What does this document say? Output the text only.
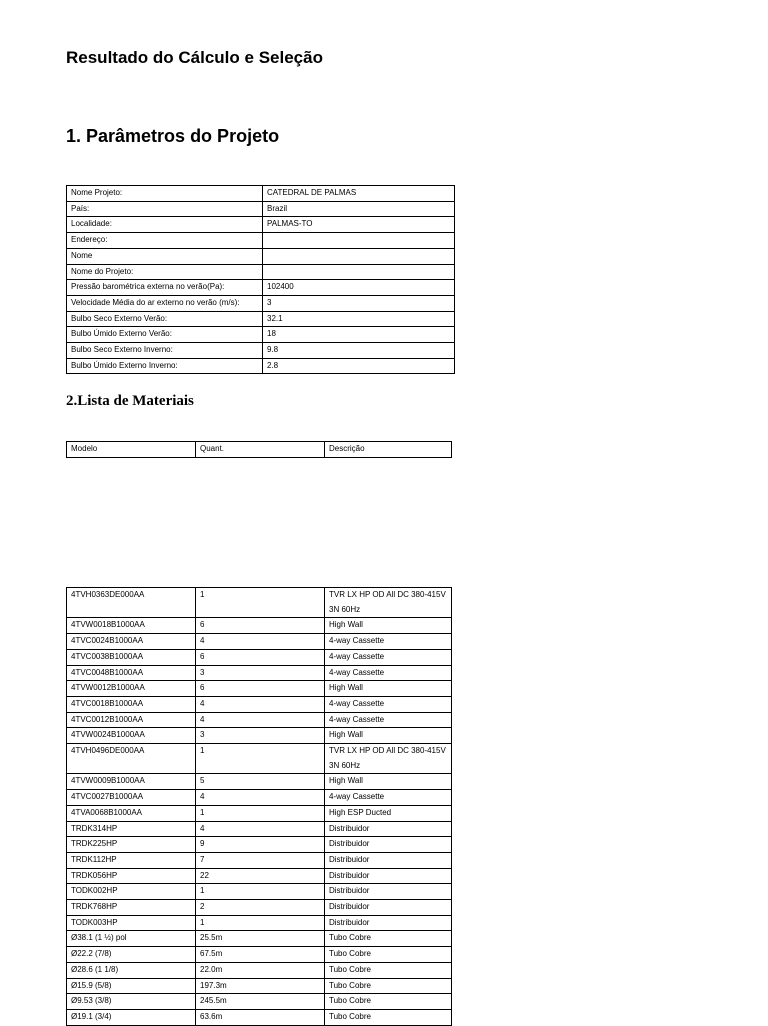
Resultado do Cálculo e Seleção
1. Parâmetros do Projeto
Nome Projeto:	CATEDRAL DE PALMAS
País:	Brazil
Localidade:	PALMAS-TO
Endereço:	
Nome	
Nome do Projeto:	
Pressão barométrica externa no verão(Pa):	102400
Velocidade Média do ar externo no verão (m/s):	3
Bulbo Seco Externo Verão:	32.1
Bulbo Úmido Externo Verão:	18
Bulbo Seco Externo Inverno:	9.8
Bulbo Úmido Externo Inverno:	2.8
2.Lista de Materiais
Modelo	Quant.	Descrição
4TVH0363DE000AA	1	TVR LX HP OD All DC 380-415V 3N 60Hz
4TVW0018B1000AA	6	High Wall
4TVC0024B1000AA	4	4-way Cassette
4TVC0038B1000AA	6	4-way Cassette
4TVC0048B1000AA	3	4-way Cassette
4TVW0012B1000AA	6	High Wall
4TVC0018B1000AA	4	4-way Cassette
4TVC0012B1000AA	4	4-way Cassette
4TVW0024B1000AA	3	High Wall
4TVH0496DE000AA	1	TVR LX HP OD All DC 380-415V 3N 60Hz
4TVW0009B1000AA	5	High Wall
4TVC0027B1000AA	4	4-way Cassette
4TVA0068B1000AA	1	High ESP Ducted
TRDK314HP	4	Distribuidor
TRDK225HP	9	Distribuidor
TRDK112HP	7	Distribuidor
TRDK056HP	22	Distribuidor
TODK002HP	1	Distribuidor
TRDK768HP	2	Distribuidor
TODK003HP	1	Distribuidor
Ø38.1 (1 ½) pol	25.5m	Tubo Cobre
Ø22.2 (7/8)	67.5m	Tubo Cobre
Ø28.6 (1 1/8)	22.0m	Tubo Cobre
Ø15.9 (5/8)	197.3m	Tubo Cobre
Ø9.53 (3/8)	245.5m	Tubo Cobre
Ø19.1 (3/4)	63.6m	Tubo Cobre
